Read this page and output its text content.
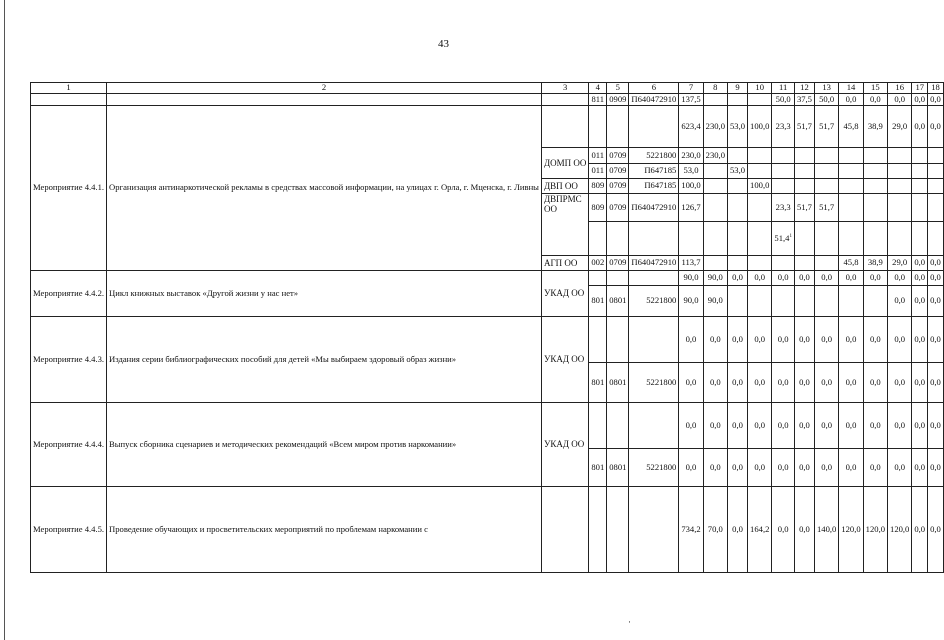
43
1	2	3	4	5	6	7	8	9	10	11	12	13	14	15	16	17	18
			811	0909	П640472910	137,5				50,0	37,5	50,0	0,0	0,0	0,0	0,0	0,0
Мероприятие 4.4.1.	Организация антинаркотической рекламы в средствах массовой информации, на улицах г. Орла, г. Мценска, г. Ливны					623,4	230,0	53,0	100,0	23,3	51,7	51,7	45,8	38,9	29,0	0,0	0,0
		ДОМП ОО	011	0709	5221800	230,0	230,0										
			011	0709	П647185	53,0		53,0									
		ДВП ОО	809	0709	П647185	100,0			100,0								
		ДВПРМС ОО	809	0709	П640472910	126,7				23,3	51,7	51,7					
										51,4$^1$							
		АГП ОО	002	0709	П640472910	113,7							45,8	38,9	29,0	0,0	0,0
Мероприятие 4.4.2.	Цикл книжных выставок «Другой жизни у нас нет»	УКАД ОО				90,0	90,0	0,0	0,0	0,0	0,0	0,0	0,0	0,0	0,0	0,0	0,0
			801	0801	5221800	90,0	90,0								0,0	0,0	0,0
Мероприятие 4.4.3.	Издания серии библиографических пособий для детей «Мы выбираем здоровый образ жизни»	УКАД ОО				0,0	0,0	0,0	0,0	0,0	0,0	0,0	0,0	0,0	0,0	0,0	0,0
			801	0801	5221800	0,0	0,0	0,0	0,0	0,0	0,0	0,0	0,0	0,0	0,0	0,0	0,0
Мероприятие 4.4.4.	Выпуск сборника сценариев и методических рекомендаций «Всем миром против наркомании»	УКАД ОО				0,0	0,0	0,0	0,0	0,0	0,0	0,0	0,0	0,0	0,0	0,0	0,0
			801	0801	5221800	0,0	0,0	0,0	0,0	0,0	0,0	0,0	0,0	0,0	0,0	0,0	0,0
Мероприятие 4.4.5.	Проведение обучающих и просветительских мероприятий по проблемам наркомании с					734,2	70,0	0,0	164,2	0,0	0,0	140,0	120,0	120,0	120,0	0,0	0,0
·
